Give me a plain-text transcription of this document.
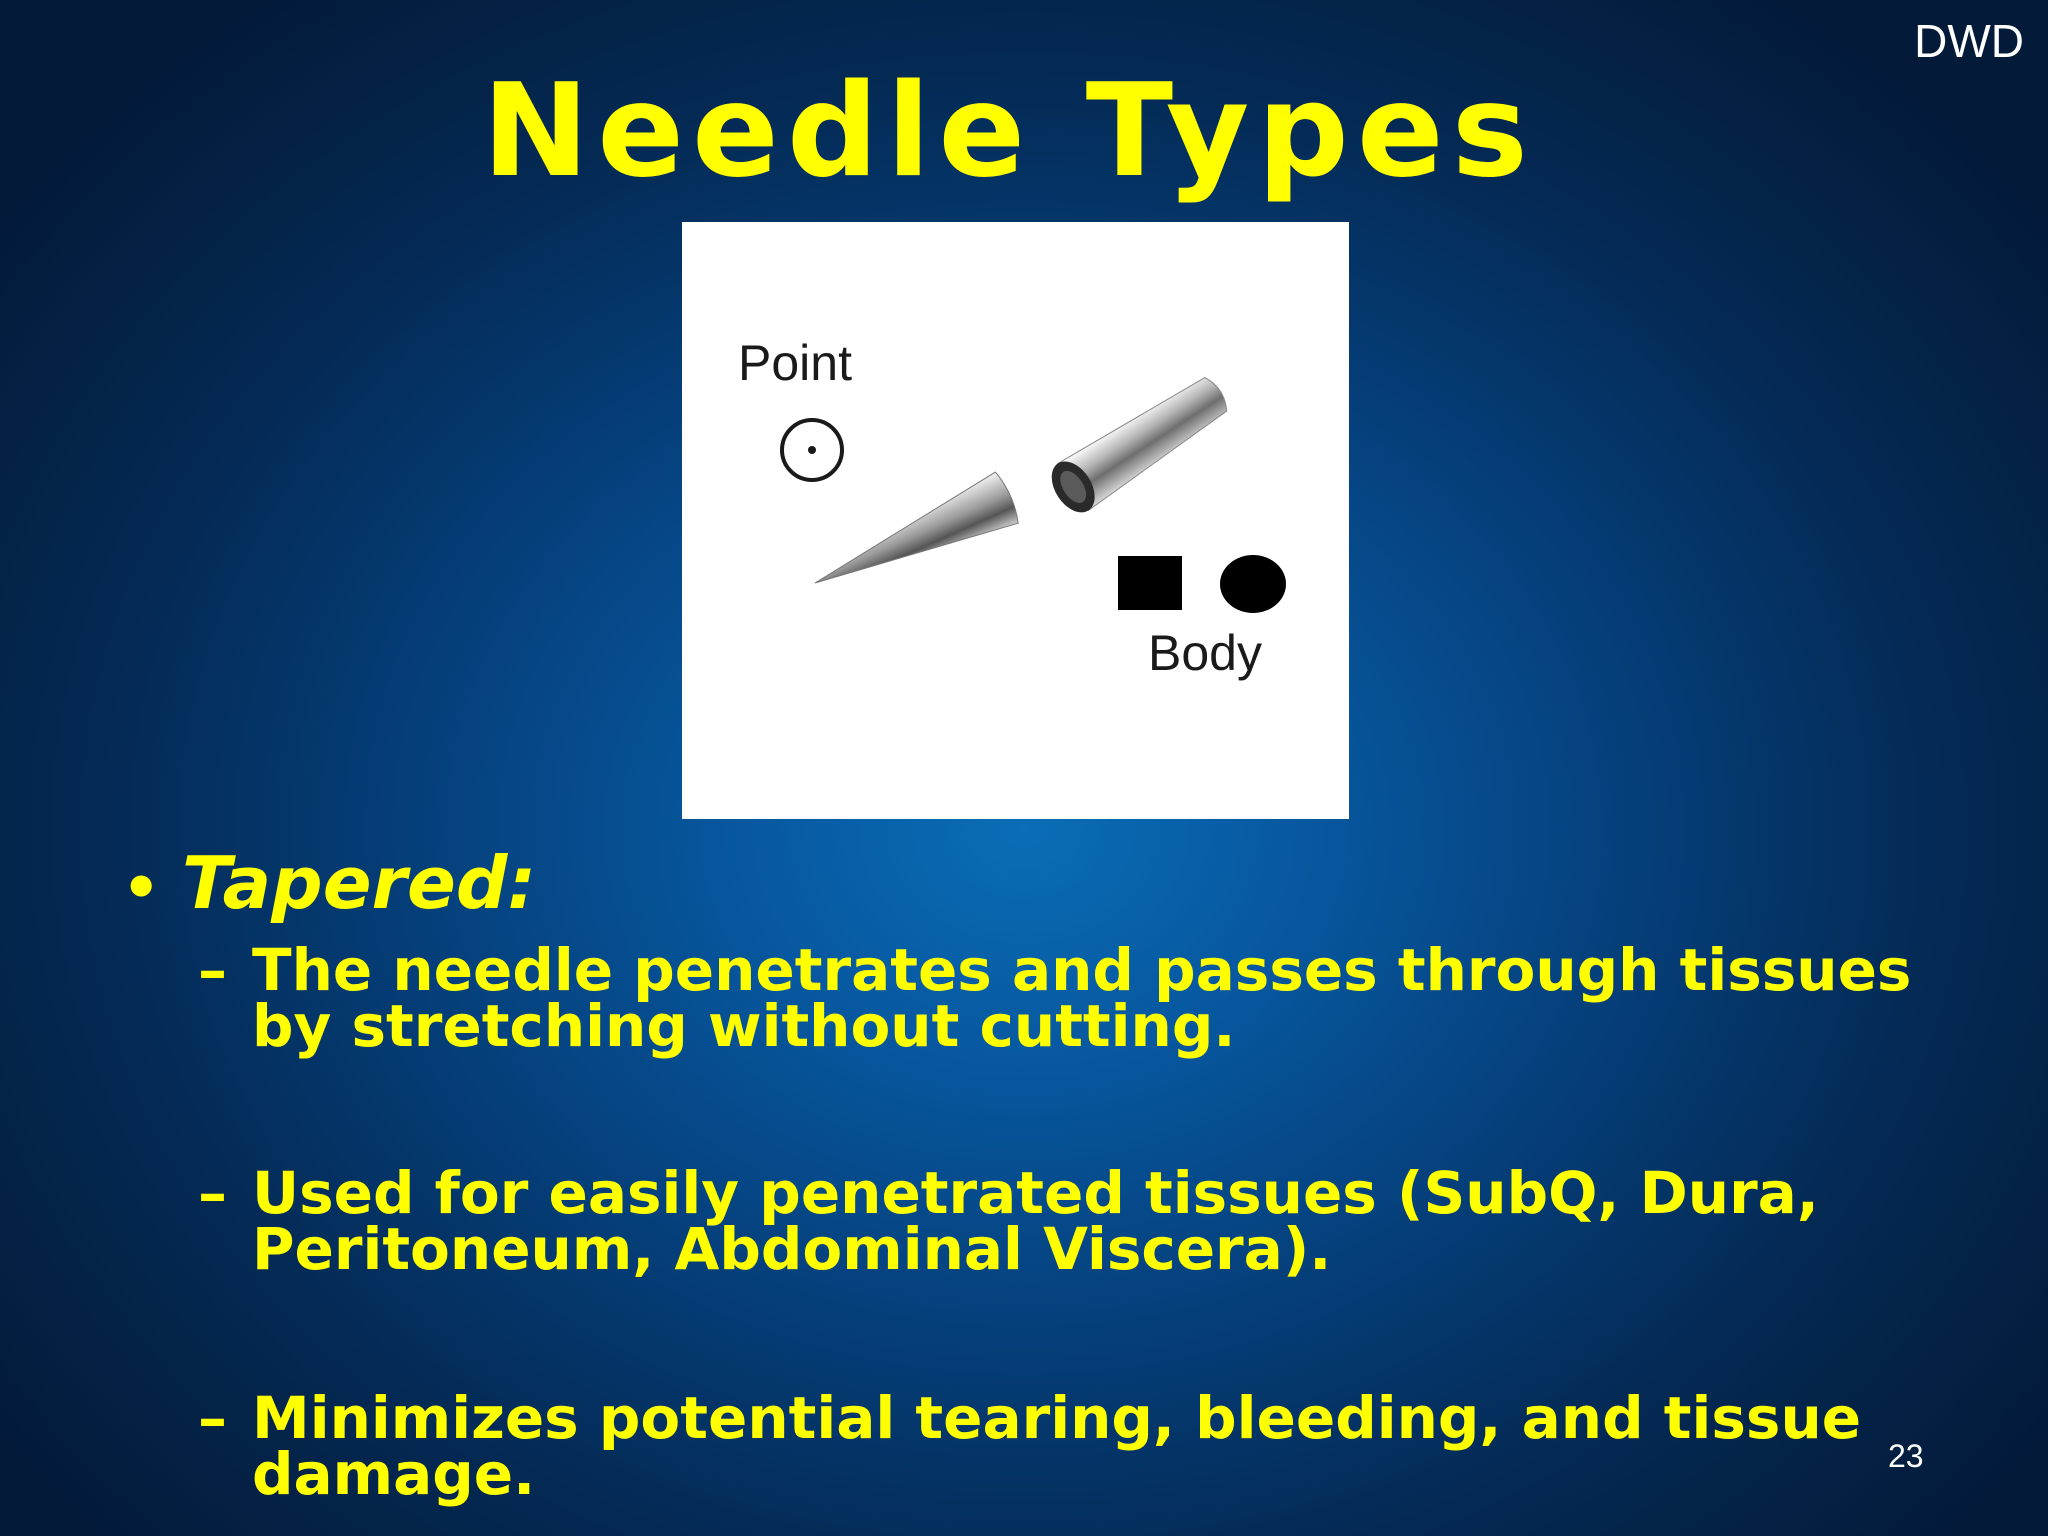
DWD
Needle Types
Point
Body
• Tapered:
– The needle penetrates and passes through tissues by stretching without cutting.
– Used for easily penetrated tissues (SubQ, Dura, Peritoneum, Abdominal Viscera).
– Minimizes potential tearing, bleeding, and tissue damage.	23
